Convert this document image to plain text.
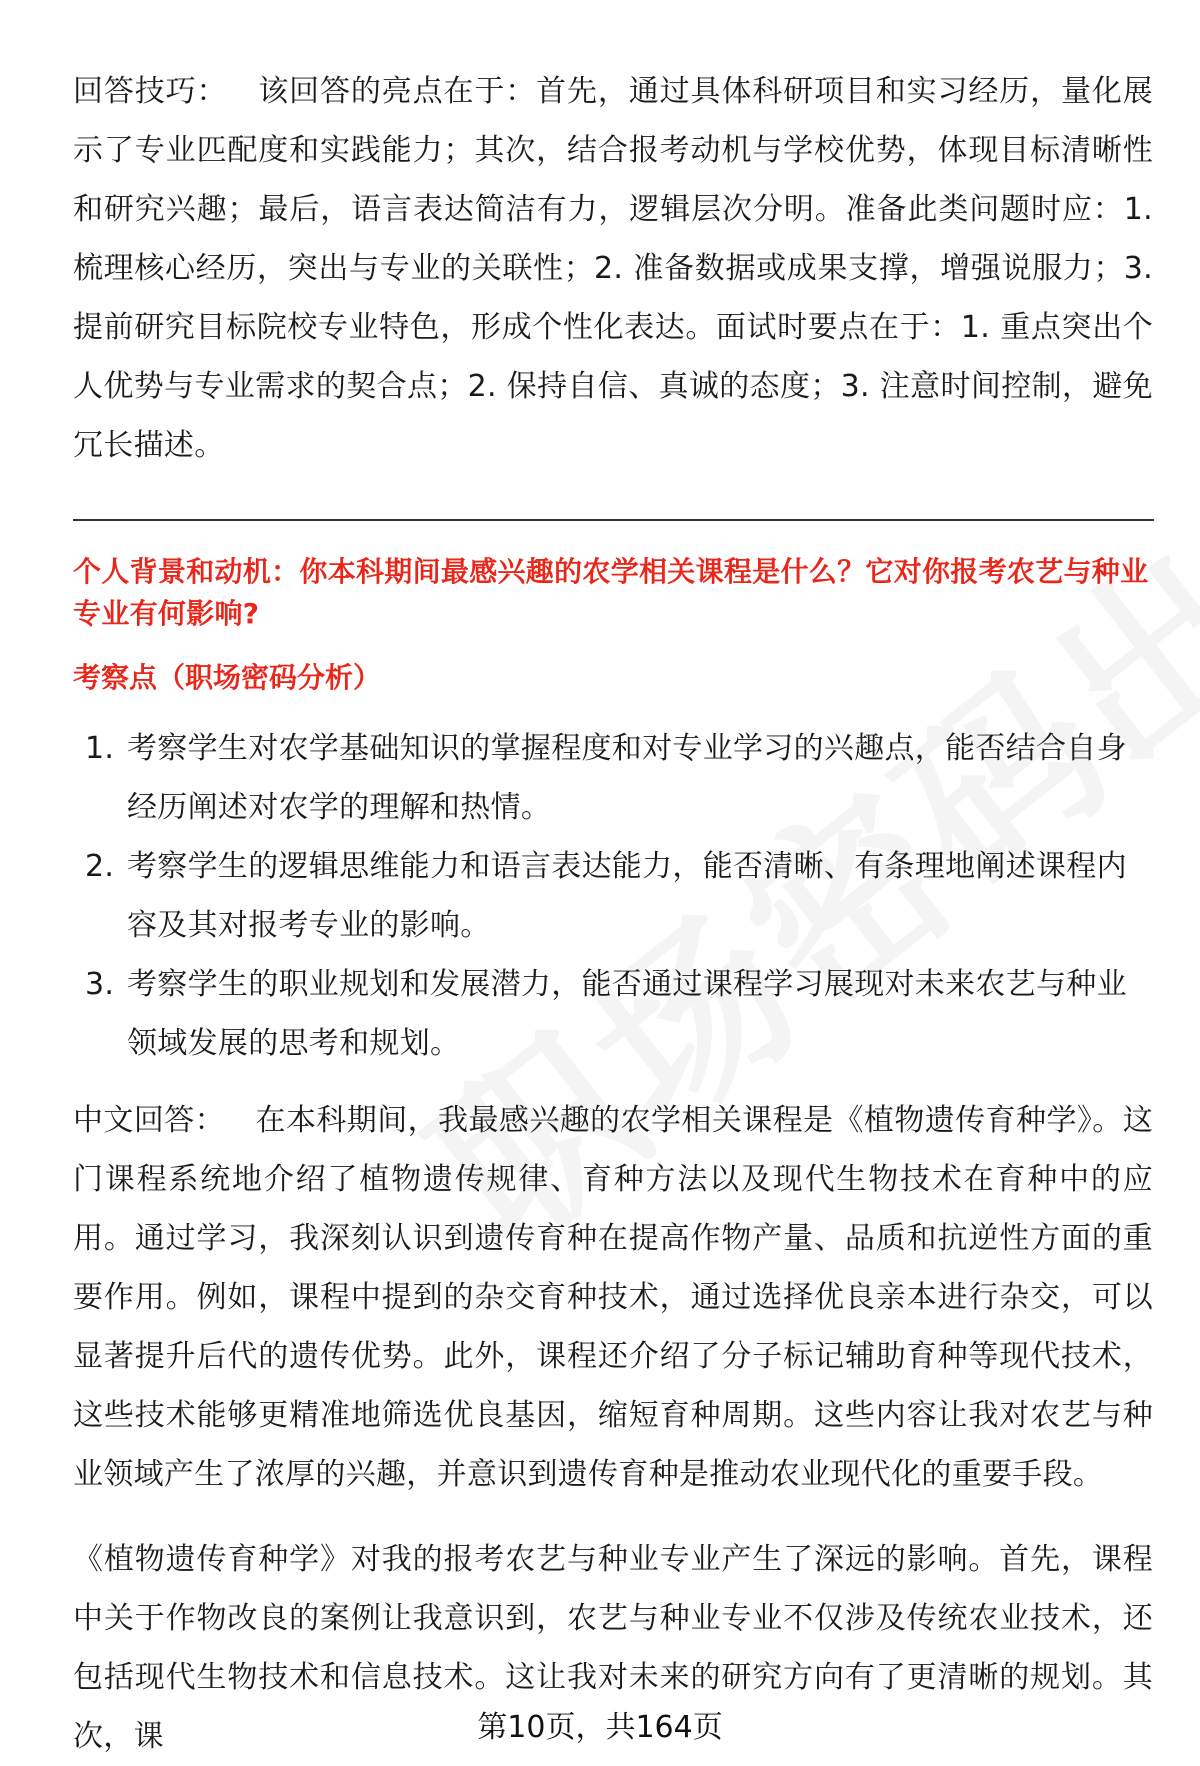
回答技巧：  该回答的亮点在于：首先，通过具体科研项目和实习经历，量化展示了专业匹配度和实践能力；其次，结合报考动机与学校优势，体现目标清晰性和研究兴趣；最后，语言表达简洁有力，逻辑层次分明。准备此类问题时应：1. 梳理核心经历，突出与专业的关联性；2. 准备数据或成果支撑，增强说服力；3. 提前研究目标院校专业特色，形成个性化表达。面试时要点在于：1. 重点突出个人优势与专业需求的契合点；2. 保持自信、真诚的态度；3. 注意时间控制，避免冗长描述。

个人背景和动机：你本科期间最感兴趣的农学相关课程是什么？它对你报考农艺与种业专业有何影响?

考察点（职场密码分析）

1. 考察学生对农学基础知识的掌握程度和对专业学习的兴趣点，能否结合自身经历阐述对农学的理解和热情。
2. 考察学生的逻辑思维能力和语言表达能力，能否清晰、有条理地阐述课程内容及其对报考专业的影响。
3. 考察学生的职业规划和发展潜力，能否通过课程学习展现对未来农艺与种业领域发展的思考和规划。

中文回答：  在本科期间，我最感兴趣的农学相关课程是《植物遗传育种学》。这门课程系统地介绍了植物遗传规律、育种方法以及现代生物技术在育种中的应用。通过学习，我深刻认识到遗传育种在提高作物产量、品质和抗逆性方面的重要作用。例如，课程中提到的杂交育种技术，通过选择优良亲本进行杂交，可以显著提升后代的遗传优势。此外，课程还介绍了分子标记辅助育种等现代技术，这些技术能够更精准地筛选优良基因，缩短育种周期。这些内容让我对农艺与种业领域产生了浓厚的兴趣，并意识到遗传育种是推动农业现代化的重要手段。

《植物遗传育种学》对我的报考农艺与种业专业产生了深远的影响。首先，课程中关于作物改良的案例让我意识到，农艺与种业专业不仅涉及传统农业技术，还包括现代生物技术和信息技术。这让我对未来的研究方向有了更清晰的规划。其次，课	第10页，共164页
